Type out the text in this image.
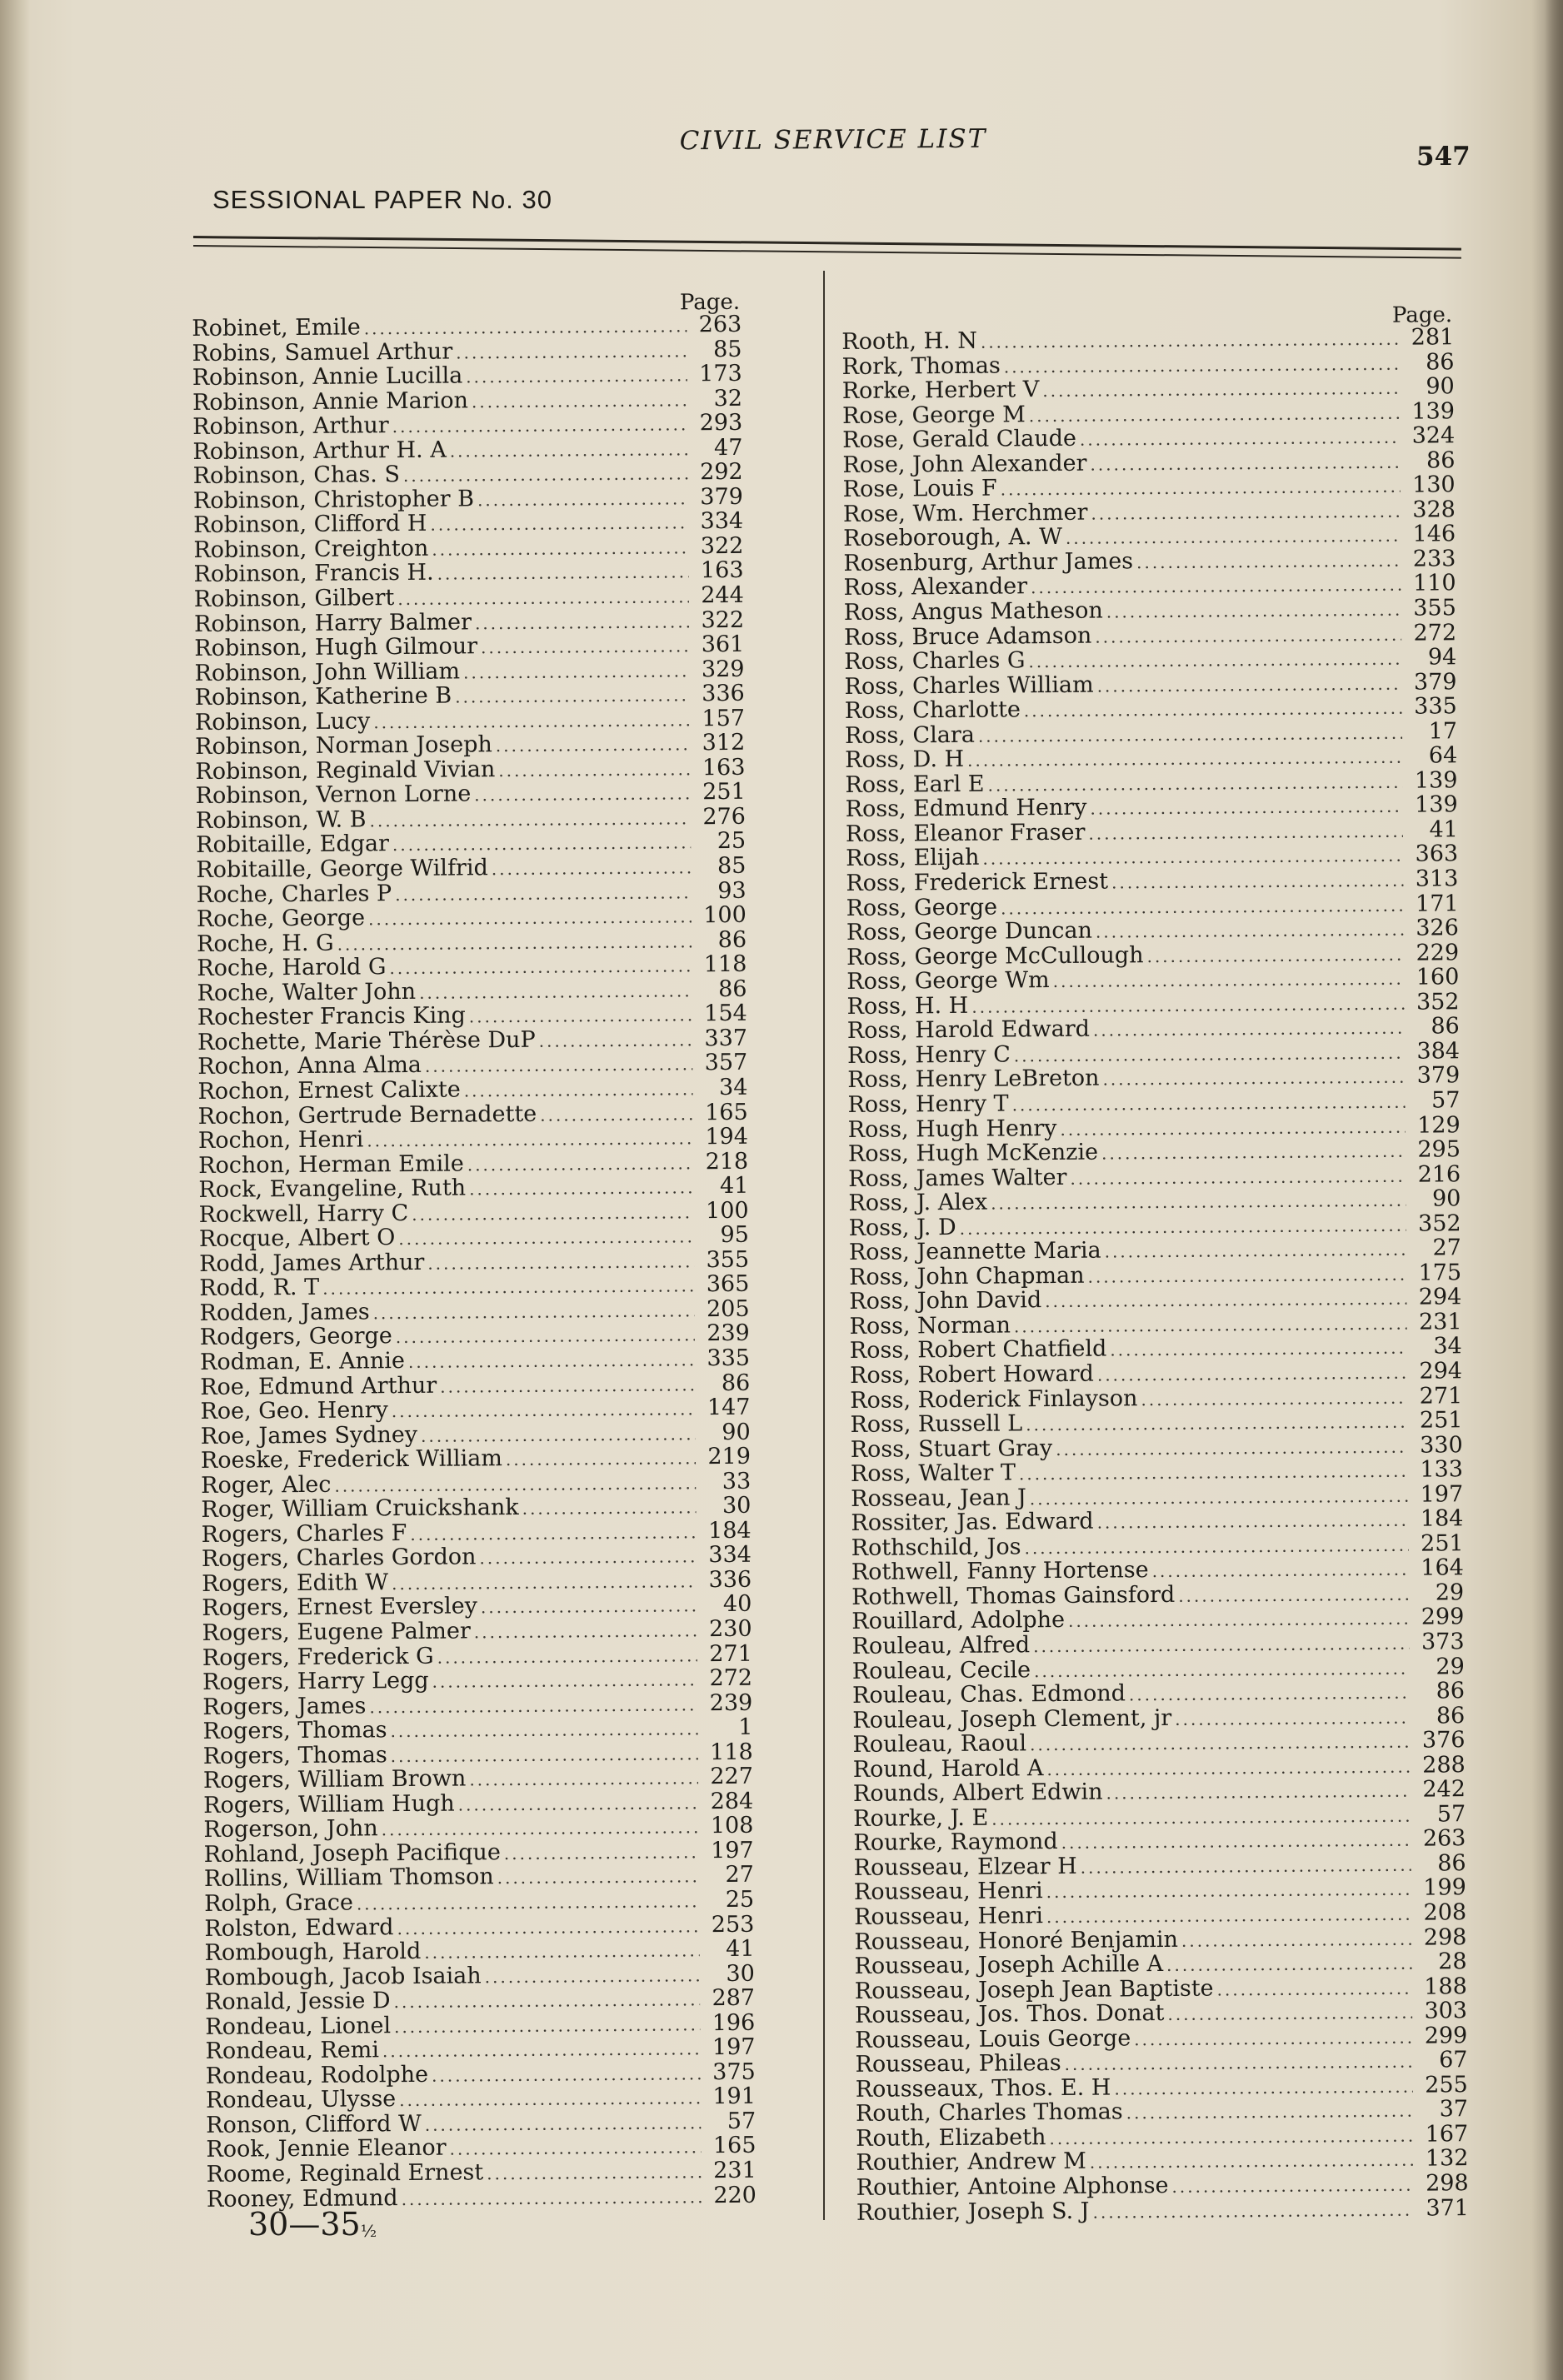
CIVIL SERVICE LIST
547
SESSIONAL PAPER No. 30
Page.
Robinet, Emile .....	263
Robins, Samuel Arthur .....	85
Robinson, Annie Lucilla .....	173
Robinson, Annie Marion .....	32
Robinson, Arthur .....	293
Robinson, Arthur H. A .....	47
Robinson, Chas. S .....	292
Robinson, Christopher B .....	379
Robinson, Clifford H .....	334
Robinson, Creighton .....	322
Robinson, Francis H. .....	163
Robinson, Gilbert .....	244
Robinson, Harry Balmer .....	322
Robinson, Hugh Gilmour .....	361
Robinson, John William .....	329
Robinson, Katherine B .....	336
Robinson, Lucy .....	157
Robinson, Norman Joseph .....	312
Robinson, Reginald Vivian .....	163
Robinson, Vernon Lorne .....	251
Robinson, W. B .....	276
Robitaille, Edgar .....	25
Robitaille, George Wilfrid .....	85
Roche, Charles P .....	93
Roche, George .....	100
Roche, H. G .....	86
Roche, Harold G .....	118
Roche, Walter John .....	86
Rochester Francis King .....	154
Rochette, Marie Thérèse DuP .....	337
Rochon, Anna Alma .....	357
Rochon, Ernest Calixte .....	34
Rochon, Gertrude Bernadette .....	165
Rochon, Henri .....	194
Rochon, Herman Emile .....	218
Rock, Evangeline, Ruth .....	41
Rockwell, Harry C .....	100
Rocque, Albert O .....	95
Rodd, James Arthur .....	355
Rodd, R. T .....	365
Rodden, James .....	205
Rodgers, George .....	239
Rodman, E. Annie .....	335
Roe, Edmund Arthur .....	86
Roe, Geo. Henry .....	147
Roe, James Sydney .....	90
Roeske, Frederick William .....	219
Roger, Alec .....	33
Roger, William Cruickshank .....	30
Rogers, Charles F .....	184
Rogers, Charles Gordon .....	334
Rogers, Edith W .....	336
Rogers, Ernest Eversley .....	40
Rogers, Eugene Palmer .....	230
Rogers, Frederick G .....	271
Rogers, Harry Legg .....	272
Rogers, James .....	239
Rogers, Thomas .....	1
Rogers, Thomas .....	118
Rogers, William Brown .....	227
Rogers, William Hugh .....	284
Rogerson, John .....	108
Rohland, Joseph Pacifique .....	197
Rollins, William Thomson .....	27
Rolph, Grace .....	25
Rolston, Edward .....	253
Rombough, Harold .....	41
Rombough, Jacob Isaiah .....	30
Ronald, Jessie D .....	287
Rondeau, Lionel .....	196
Rondeau, Remi .....	197
Rondeau, Rodolphe .....	375
Rondeau, Ulysse .....	191
Ronson, Clifford W .....	57
Rook, Jennie Eleanor .....	165
Roome, Reginald Ernest .....	231
Rooney, Edmund .....	220
Page.
Rooth, H. N .....	281
Rork, Thomas .....	86
Rorke, Herbert V .....	90
Rose, George M .....	139
Rose, Gerald Claude .....	324
Rose, John Alexander .....	86
Rose, Louis F .....	130
Rose, Wm. Herchmer .....	328
Roseborough, A. W .....	146
Rosenburg, Arthur James .....	233
Ross, Alexander .....	110
Ross, Angus Matheson .....	355
Ross, Bruce Adamson .....	272
Ross, Charles G .....	94
Ross, Charles William .....	379
Ross, Charlotte .....	335
Ross, Clara .....	17
Ross, D. H .....	64
Ross, Earl E .....	139
Ross, Edmund Henry .....	139
Ross, Eleanor Fraser .....	41
Ross, Elijah .....	363
Ross, Frederick Ernest .....	313
Ross, George .....	171
Ross, George Duncan .....	326
Ross, George McCullough .....	229
Ross, George Wm .....	160
Ross, H. H .....	352
Ross, Harold Edward .....	86
Ross, Henry C .....	384
Ross, Henry LeBreton .....	379
Ross, Henry T .....	57
Ross, Hugh Henry .....	129
Ross, Hugh McKenzie .....	295
Ross, James Walter .....	216
Ross, J. Alex .....	90
Ross, J. D .....	352
Ross, Jeannette Maria .....	27
Ross, John Chapman .....	175
Ross, John David .....	294
Ross, Norman .....	231
Ross, Robert Chatfield .....	34
Ross, Robert Howard .....	294
Ross, Roderick Finlayson .....	271
Ross, Russell L .....	251
Ross, Stuart Gray .....	330
Ross, Walter T .....	133
Rosseau, Jean J .....	197
Rossiter, Jas. Edward .....	184
Rothschild, Jos .....	251
Rothwell, Fanny Hortense .....	164
Rothwell, Thomas Gainsford .....	29
Rouillard, Adolphe .....	299
Rouleau, Alfred .....	373
Rouleau, Cecile .....	29
Rouleau, Chas. Edmond .....	86
Rouleau, Joseph Clement, jr .....	86
Rouleau, Raoul .....	376
Round, Harold A .....	288
Rounds, Albert Edwin .....	242
Rourke, J. E .....	57
Rourke, Raymond .....	263
Rousseau, Elzear H .....	86
Rousseau, Henri .....	199
Rousseau, Henri .....	208
Rousseau, Honoré Benjamin .....	298
Rousseau, Joseph Achille A .....	28
Rousseau, Joseph Jean Baptiste .....	188
Rousseau, Jos. Thos. Donat .....	303
Rousseau, Louis George .....	299
Rousseau, Phileas .....	67
Rousseaux, Thos. E. H .....	255
Routh, Charles Thomas .....	37
Routh, Elizabeth .....	167
Routhier, Andrew M .....	132
Routhier, Antoine Alphonse .....	298
Routhier, Joseph S. J .....	371
30—35½
